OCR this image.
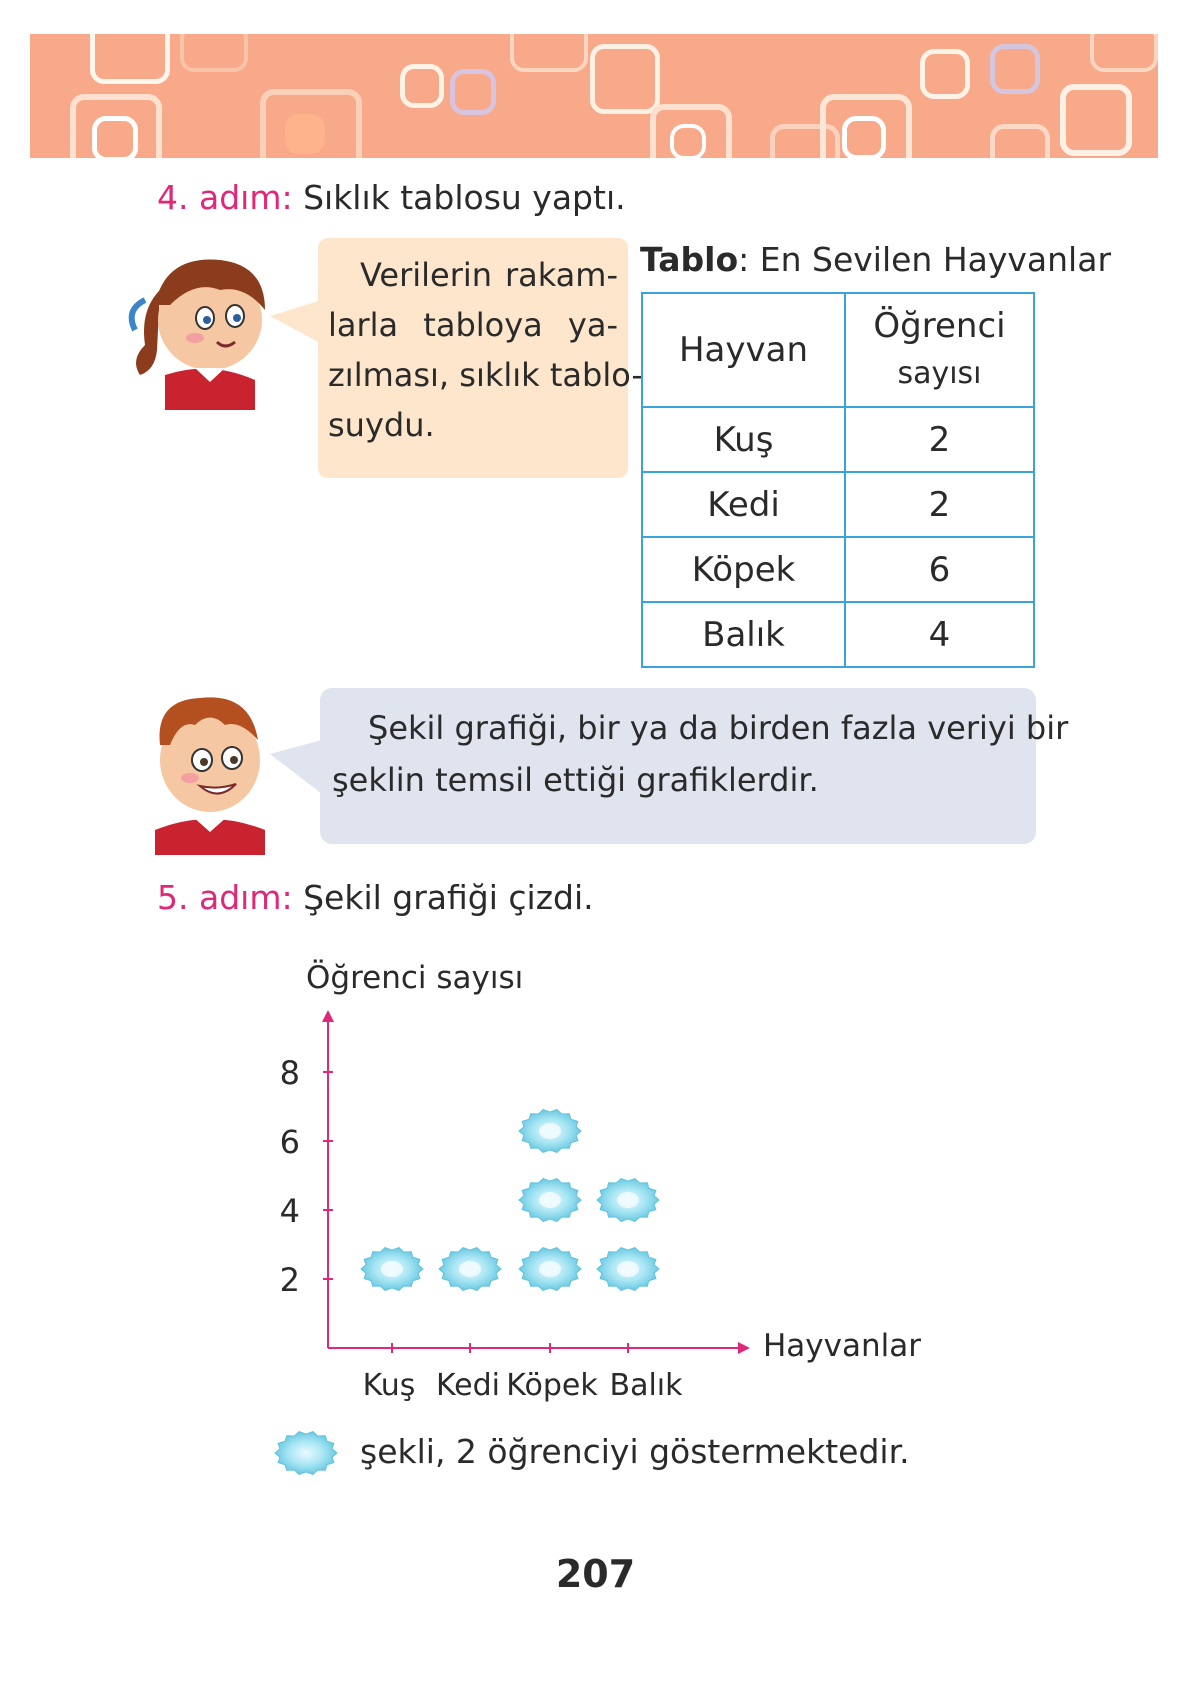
4. adım: Sıklık tablosu yaptı.
Verilerin rakam-
larla tabloya ya-
zılması, sıklık tablo-
suydu.
Tablo: En Sevilen Hayvanlar
Hayvan	Öğrenci
sayısı
Kuş	2
Kedi	2
Köpek	6
Balık	4
Şekil grafiği, bir ya da birden fazla veriyi bir
şeklin temsil ettiği grafiklerdir.
5. adım: Şekil grafiği çizdi.
Öğrenci sayısı
Hayvanlar
2
4
6
8
Kuş Kedi Köpek Balık
şekli, 2 öğrenciyi göstermektedir.
207
